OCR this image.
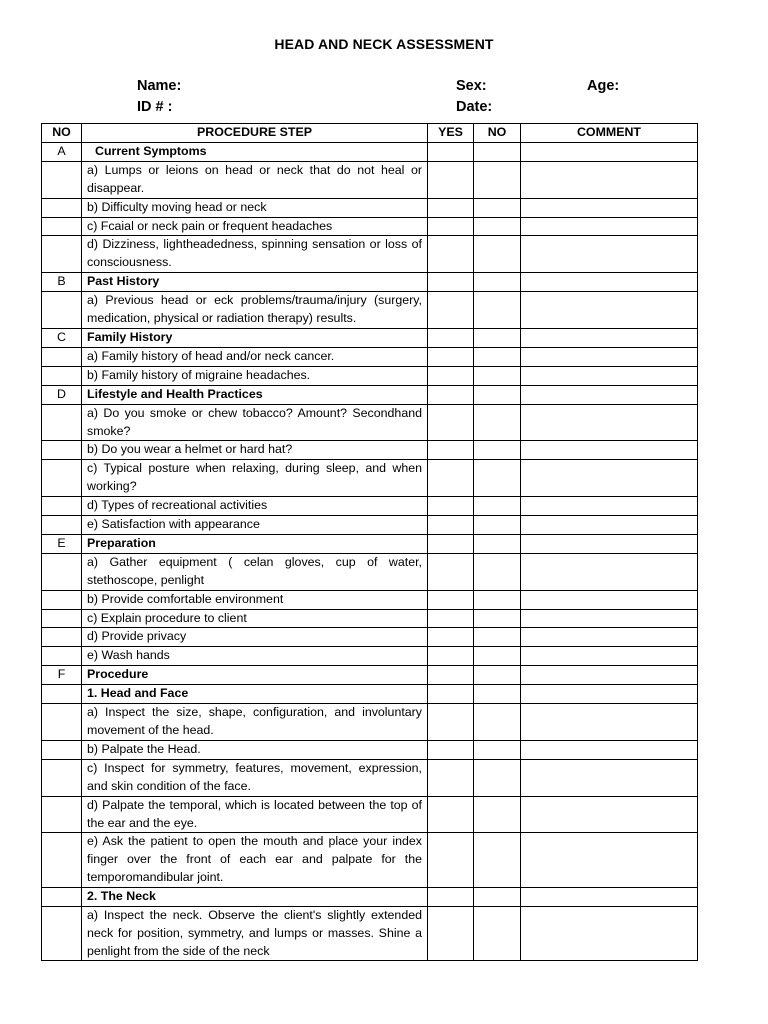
HEAD AND NECK ASSESSMENT
Name:
ID # :
Sex:
Date:
Age:
NO	PROCEDURE STEP	YES	NO	COMMENT
A	Current Symptoms			
	a) Lumps or leions on head or neck that do not heal or disappear.			
	b) Difficulty moving head or neck			
	c) Fcaial or neck pain or frequent headaches			
	d) Dizziness, lightheadedness, spinning sensation or loss of consciousness.			
B	Past History			
	a) Previous head or eck problems/trauma/injury (surgery, medication, physical or radiation therapy) results.			
C	Family History			
	a) Family history of head and/or neck cancer.			
	b) Family history of migraine headaches.			
D	Lifestyle and Health Practices			
	a) Do you smoke or chew tobacco? Amount? Secondhand smoke?			
	b) Do you wear a helmet or hard hat?			
	c) Typical posture when relaxing, during sleep, and when working?			
	d) Types of recreational activities			
	e) Satisfaction with appearance			
E	Preparation			
	a) Gather equipment ( celan gloves, cup of water, stethoscope, penlight			
	b) Provide comfortable environment			
	c) Explain procedure to client			
	d) Provide privacy			
	e) Wash hands			
F	Procedure			
	1. Head and Face			
	a) Inspect the size, shape, configuration, and involuntary movement of the head.			
	b) Palpate the Head.			
	c) Inspect for symmetry, features, movement, expression, and skin condition of the face.			
	d) Palpate the temporal, which is located between the top of the ear and the eye.			
	e) Ask the patient to open the mouth and place your index finger over the front of each ear and palpate for the temporomandibular joint.			
	2. The Neck			

	a) Inspect the neck. Observe the client's slightly extended neck for position, symmetry, and lumps or masses. Shine a penlight from the side of the neck			
